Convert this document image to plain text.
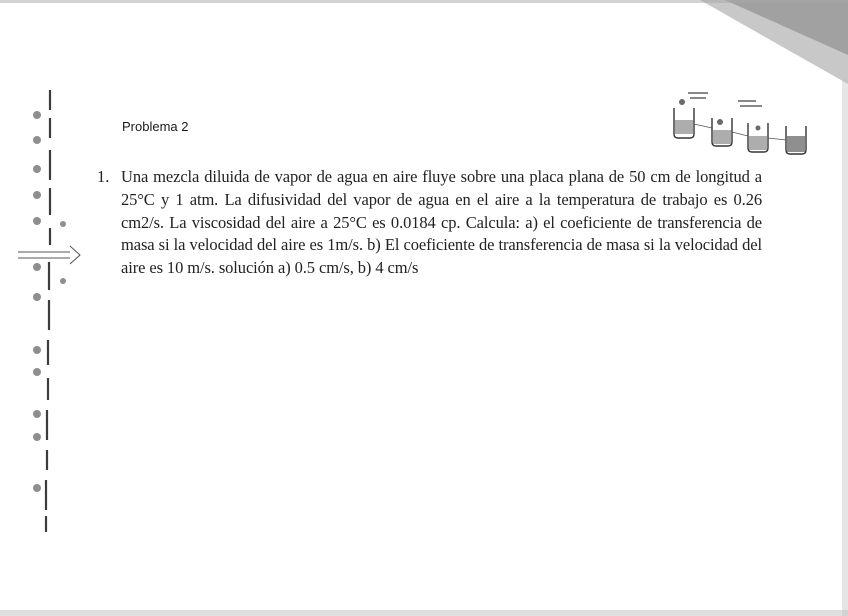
Problema 2
1. Una mezcla diluida de vapor de agua en aire fluye sobre una placa plana de 50 cm de longitud a 25°C y 1 atm. La difusividad del vapor de agua en el aire a la temperatura de trabajo es 0.26 cm2/s. La viscosidad del aire a 25°C es 0.0184 cp. Calcula: a) el coeficiente de transferencia de masa si la velocidad del aire es 1m/s. b) El coeficiente de transferencia de masa si la velocidad del aire es 10 m/s. solución a) 0.5 cm/s, b) 4 cm/s
